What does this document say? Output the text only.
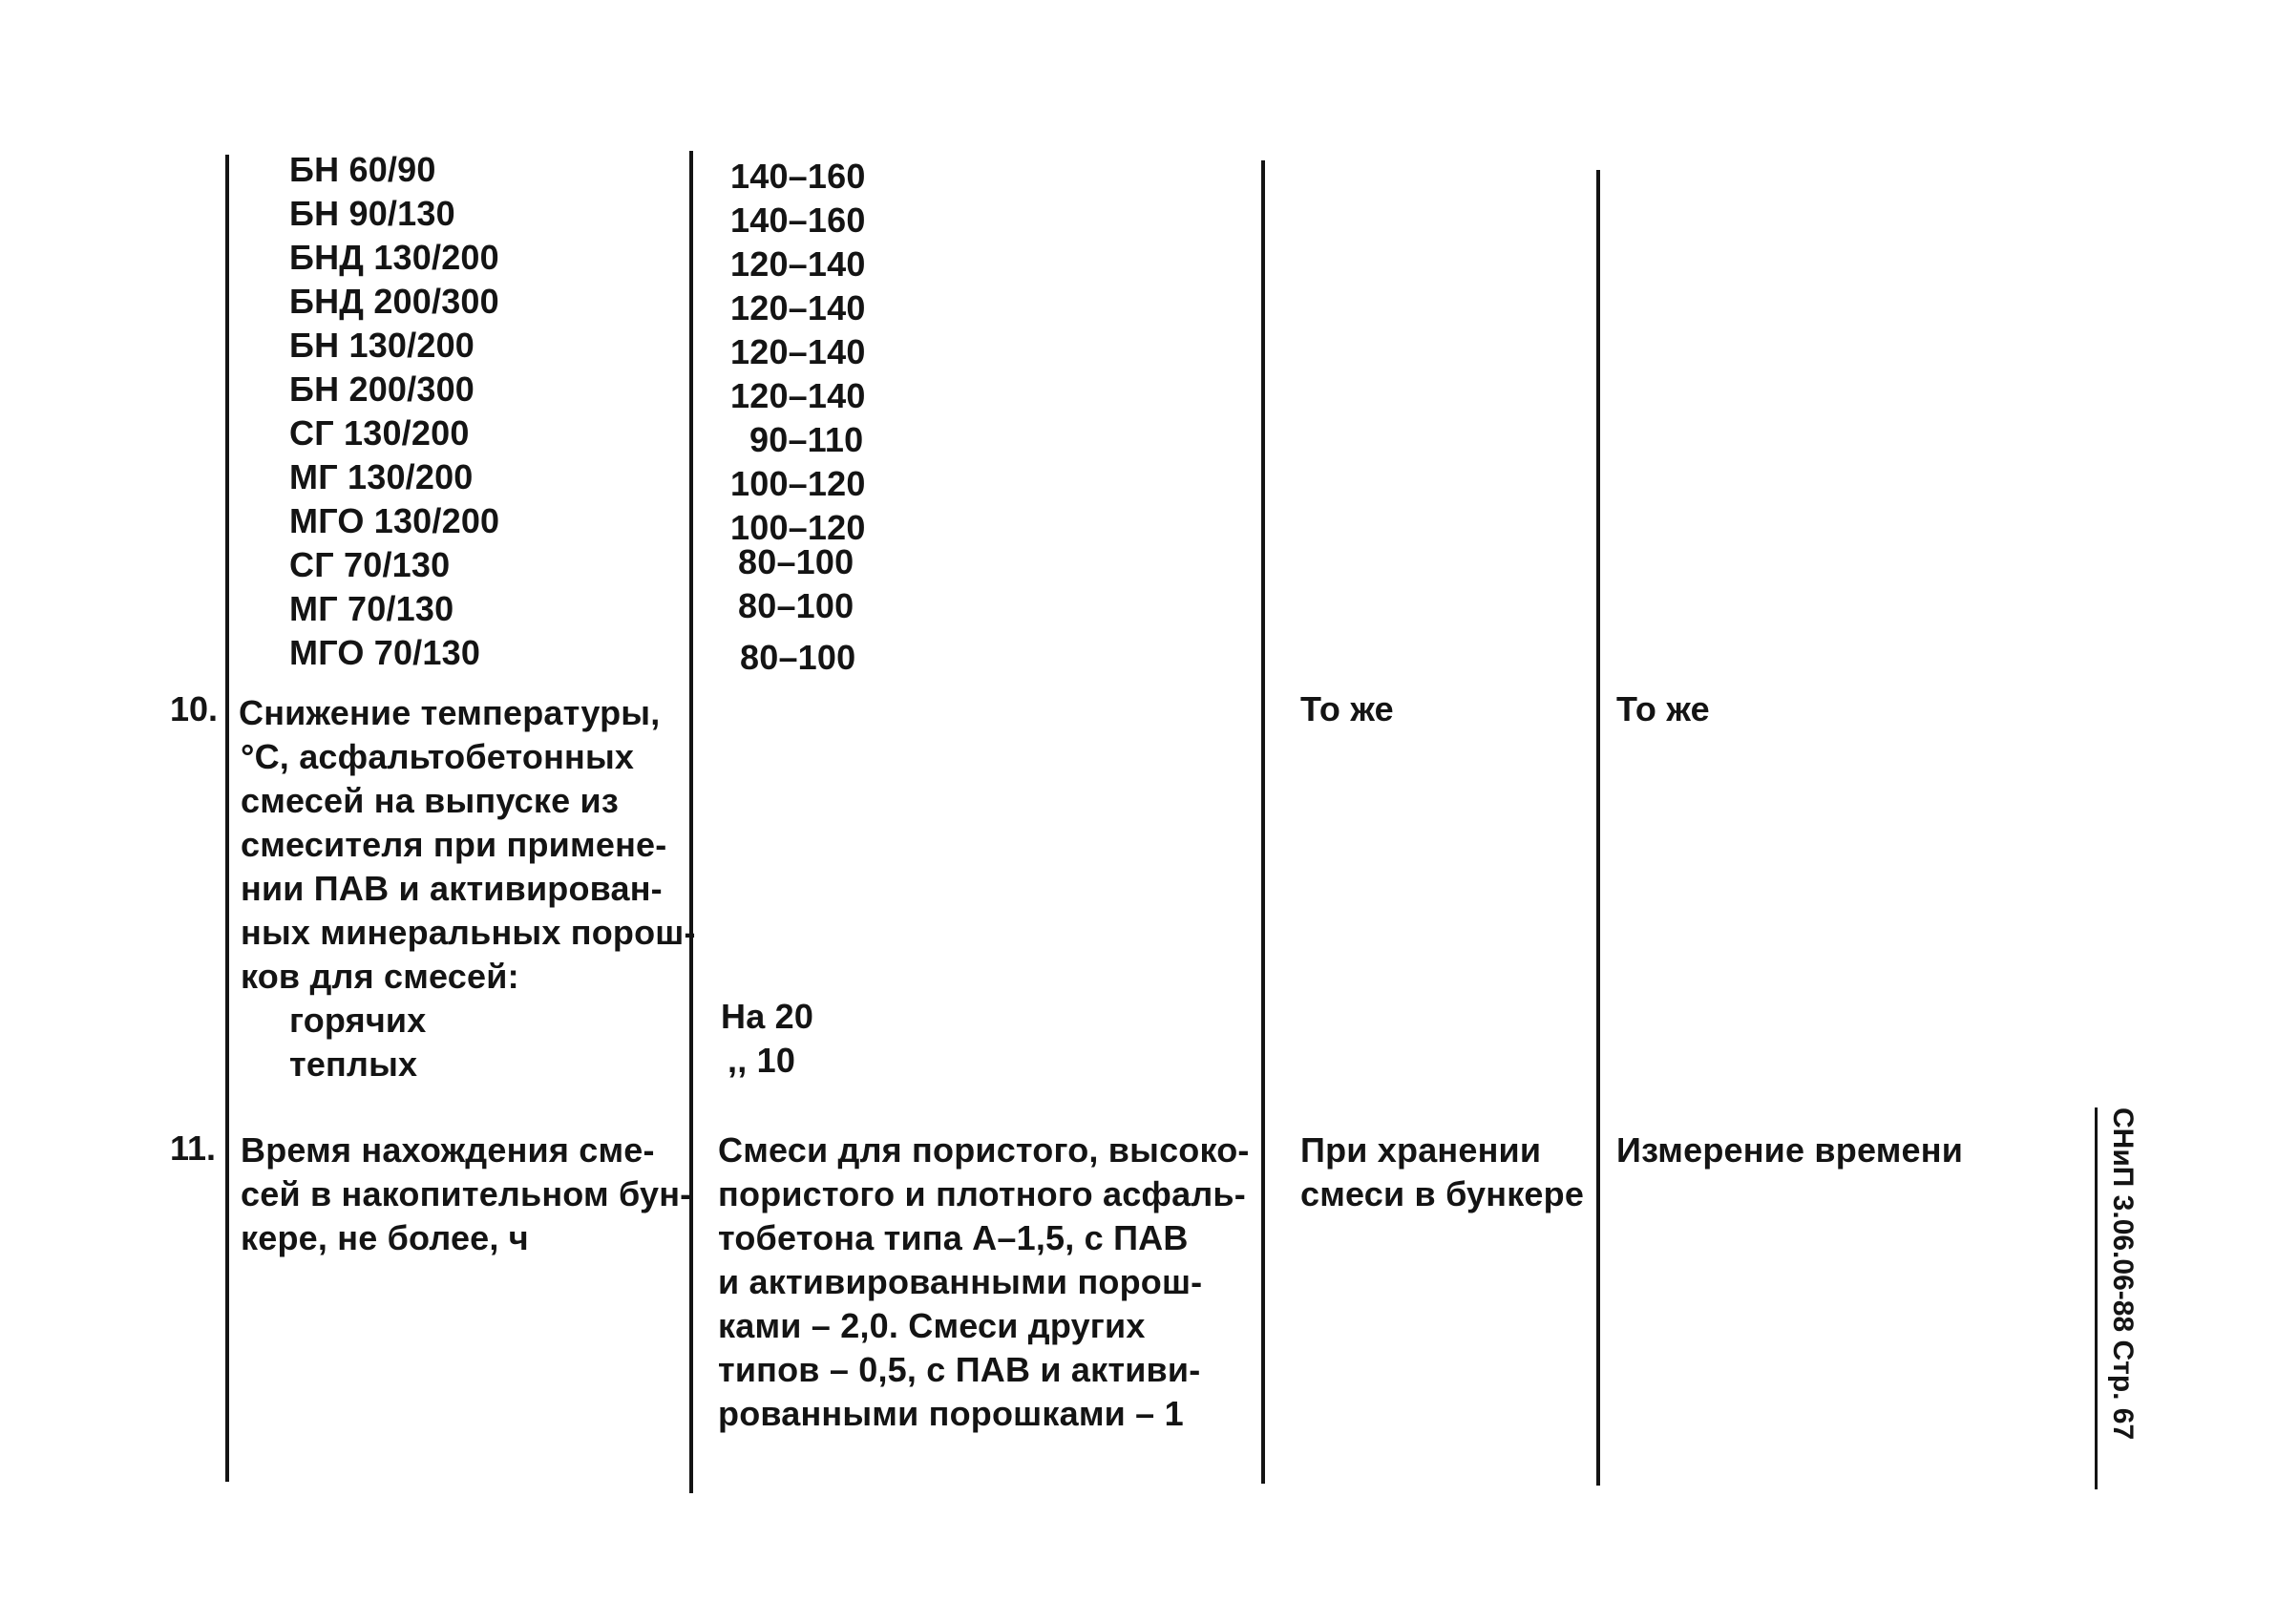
БН 60/90
БН 90/130
БНД 130/200
БНД 200/300
БН 130/200
БН 200/300
СГ 130/200
МГ 130/200
МГО 130/200
СГ 70/130
МГ 70/130
МГО 70/130
140–160
140–160
120–140
120–140
120–140
120–140
90–110
100–120
100–120
80–100
80–100
80–100
10. Снижение температуры,
°С, асфальтобетонных
смесей на выпуске из
смесителя при примене-
нии ПАВ и активирован-
ных минеральных порош-
ков для смесей:
горячих
теплых
На 20
,, 10
То же	То же
11. Время нахождения сме-
сей в накопительном бун-
кере, не более, ч
Смеси для пористого, высоко-
пористого и плотного асфаль-
тобетона типа А–1,5, с ПАВ
и активированными порош-
ками – 2,0. Смеси других
типов – 0,5, с ПАВ и активи-
рованными порошками – 1
При хранении
смеси в бункере
Измерение времени	СНиП 3.06.06-88 Стр. 67
